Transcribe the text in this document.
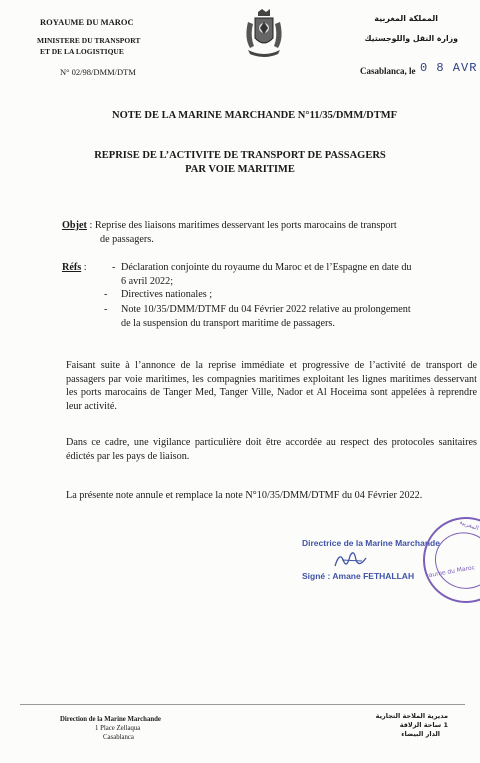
ROYAUME DU MAROC
MINISTERE DU TRANSPORT
ET DE LA LOGISTIQUE
N° 02/98/DMM/DTM
المملكة المغربية
وزارة النقل واللوجستيك
Casablanca, le 0 8 AVR
NOTE DE LA MARINE MARCHANDE N°11/35/DMM/DTMF
REPRISE DE L’ACTIVITE DE TRANSPORT DE PASSAGERS
PAR VOIE MARITIME
Objet : Reprise des liaisons maritimes desservant les ports marocains de transport
de passagers.
Réfs : - Déclaration conjointe du royaume du Maroc et de l’Espagne en date du
6 avril 2022;
- Directives nationales ;
- Note 10/35/DMM/DTMF du 04 Février 2022 relative au prolongement
de la suspension du transport maritime de passagers.
Faisant suite à l’annonce de la reprise immédiate et progressive de l’activité de transport de passagers par voie maritimes, les compagnies maritimes exploitant les lignes maritimes desservant les ports marocains de Tanger Med, Tanger Ville, Nador et Al Hoceima sont appelées à reprendre leur activité.
Dans ce cadre, une vigilance particulière doit être accordée au respect des protocoles sanitaires édictés par les pays de liaison.
La présente note annule et remplace la note N°10/35/DMM/DTMF du 04 Février 2022.
Directrice de la Marine Marchande
Signé : Amane FETHALLAH
المغربية
Royaume du Maroc
Direction de la Marine Marchande
1 Place Zellaqua
Casablanca
مديرية الملاحة التجارية
1 ساحة الزلاقة
الدار البيضاء
